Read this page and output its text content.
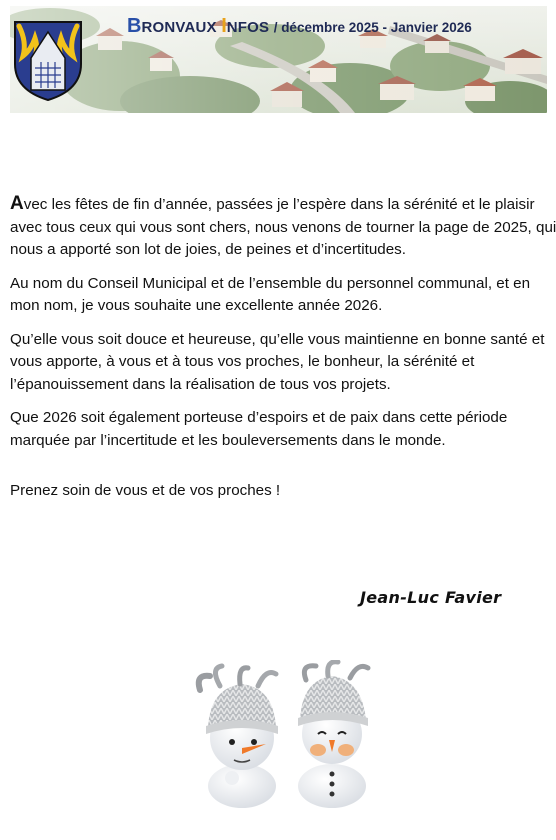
BRONVAUX INFOS / décembre 2025 - Janvier 2026

Avec les fêtes de fin d’année, passées je l’espère dans la sérénité et le plaisir avec tous ceux qui vous sont chers, nous venons de tourner la page de 2025, qui nous a apporté son lot de joies, de peines et d’incertitudes.

Au nom du Conseil Municipal et de l’ensemble du personnel communal, et en mon nom, je vous souhaite une excellente année 2026.

Qu’elle vous soit douce et heureuse, qu’elle vous maintienne en bonne santé et vous apporte, à vous et à tous vos proches, le bonheur, la sérénité et l’épanouissement dans la réalisation de tous vos projets.

Que 2026 soit également porteuse d’espoirs et de paix dans cette période marquée par l’incertitude et les bouleversements dans le monde.

Prenez soin de vous et de vos proches !
Jean-Luc Favier
